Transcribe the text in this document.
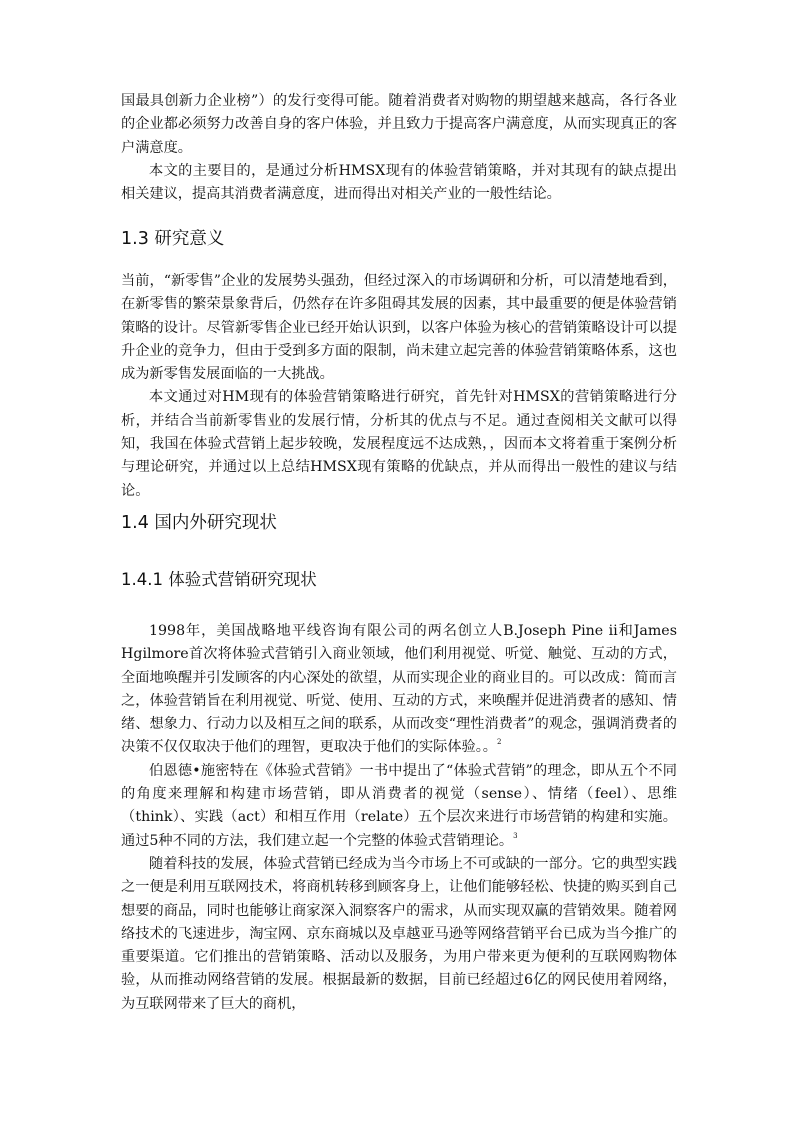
国最具创新力企业榜”）的发行变得可能。随着消费者对购物的期望越来越高，各行各业的企业都必须努力改善自身的客户体验，并且致力于提高客户满意度，从而实现真正的客户满意度。

本文的主要目的，是通过分析HMSX现有的体验营销策略，并对其现有的缺点提出相关建议，提高其消费者满意度，进而得出对相关产业的一般性结论。

1.3 研究意义

当前，“新零售”企业的发展势头强劲，但经过深入的市场调研和分析，可以清楚地看到，在新零售的繁荣景象背后，仍然存在许多阻碍其发展的因素，其中最重要的便是体验营销策略的设计。尽管新零售企业已经开始认识到，以客户体验为核心的营销策略设计可以提升企业的竞争力，但由于受到多方面的限制，尚未建立起完善的体验营销策略体系，这也成为新零售发展面临的一大挑战。

本文通过对HM现有的体验营销策略进行研究，首先针对HMSX的营销策略进行分析，并结合当前新零售业的发展行情，分析其的优点与不足。通过查阅相关文献可以得知，我国在体验式营销上起步较晚，发展程度远不达成熟，，因而本文将着重于案例分析与理论研究，并通过以上总结HMSX现有策略的优缺点，并从而得出一般性的建议与结论。

1.4 国内外研究现状
1.4.1 体验式营销研究现状

1998年，美国战略地平线咨询有限公司的两名创立人B.Joseph Pine ⅱ和James Hgilmore首次将体验式营销引入商业领域，他们利用视觉、听觉、触觉、互动的方式，全面地唤醒并引发顾客的内心深处的欲望，从而实现企业的商业目的。可以改成：简而言之，体验营销旨在利用视觉、听觉、使用、互动的方式，来唤醒并促进消费者的感知、情绪、想象力、行动力以及相互之间的联系，从而改变“理性消费者”的观念，强调消费者的决策不仅仅取决于他们的理智，更取决于他们的实际体验。。$^2$

伯恩德•施密特在《体验式营销》一书中提出了“体验式营销”的理念，即从五个不同的角度来理解和构建市场营销，即从消费者的视觉（sense）、情绪（feel）、思维（think）、实践（act）和相互作用（relate）五个层次来进行市场营销的构建和实施。通过5种不同的方法，我们建立起一个完整的体验式营销理论。$^3$

随着科技的发展，体验式营销已经成为当今市场上不可或缺的一部分。它的典型实践之一便是利用互联网技术，将商机转移到顾客身上，让他们能够轻松、快捷的购买到自己想要的商品，同时也能够让商家深入洞察客户的需求，从而实现双赢的营销效果。随着网络技术的飞速进步，淘宝网、京东商城以及卓越亚马逊等网络营销平台已成为当今推广的重要渠道。它们推出的营销策略、活动以及服务，为用户带来更为便利的互联网购物体验，从而推动网络营销的发展。根据最新的数据，目前已经超过6亿的网民使用着网络，为互联网带来了巨大的商机，
